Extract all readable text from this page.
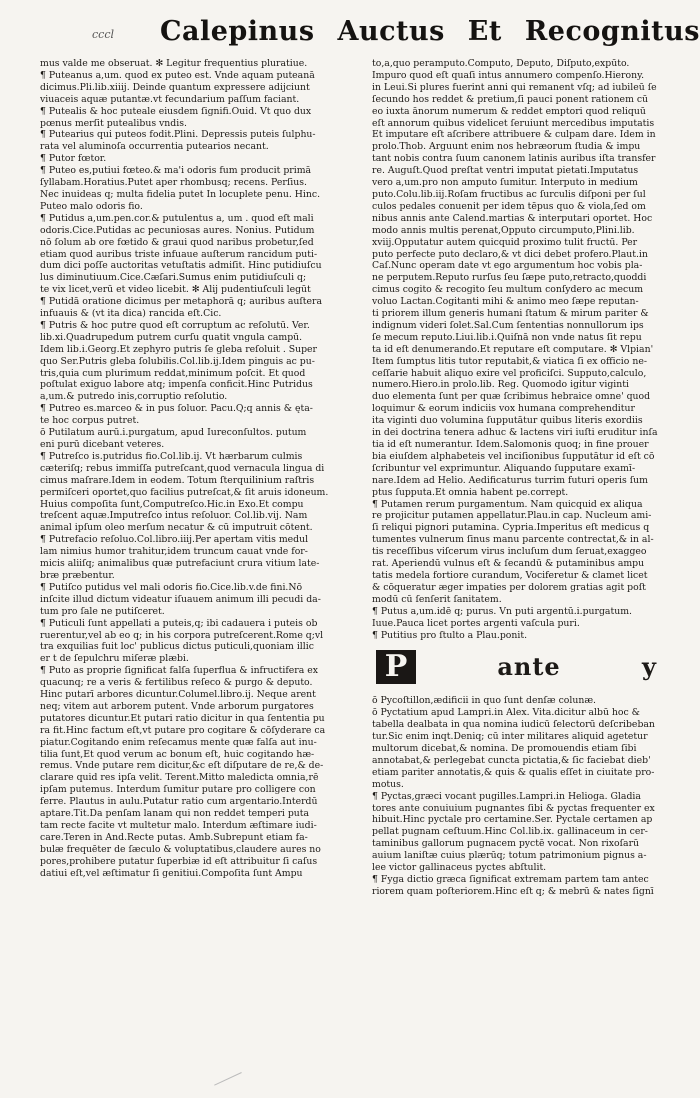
cccl Calepinus Auctus Et Recognitus
mus valde me obseruat. ✻ Legitur frequentius pluratiue.
¶ Puteanus a,um. quod ex puteo est. Vnde aquam puteanā
dicimus.Pli.lib.xiiij. Deinde quantum expressere adijciunt
viuaceis aquæ putantæ.vt fecundarium paſſum faciant.
¶ Putealis & hoc puteale eiusdem ſignifi.Ouid. Vt quo dux
pœnus merſit putealibus vndis.
¶ Putearius qui puteos fodit.Plini. Depressis puteis ſulphu-
rata vel aluminoſa occurrentia putearios necant.
¶ Putor fœtor.
¶ Puteo es,putiui fœteo.& ma'i odoris fum producit primā
ſyllabam.Horatius.Putet aper rhombusq; recens. Perſius.
Nec inuideas q; multa fidelia putet In locuplete penu. Hinc.
Puteo malo odoris fio.
¶ Putidus a,um.pen.cor.& putulentus a, um . quod eſt mali
odoris.Cice.Putidas ac pecuniosas aures. Nonius. Putidum
nō ſolum ab ore fœtido & graui quod naribus probetur,ſed
etiam quod auribus triste infuaue auſterum rancidum puti-
dum dici poſſe auctoritas vetuſtatis admiſit. Hinc putidiuſcu
lus diminutiuum.Cice.Cæſari.Sumus enim putidiuſculi q;
te vix licet,verū et video licebit. ✻ Alij pudentiuſculi legūt
¶ Putidā oratione dicimus per metaphorā q; auribus auſtera
infuauis & (vt ita dica) rancida eſt.Cic.
¶ Putris & hoc putre quod eſt corruptum ac reſolutū. Ver.
lib.xi.Quadrupedum putrem curſu quatit vngula campū.
Idem lib.i.Georg.Et zephyro putris ſe gleba reſoluit . Super
quo Ser.Putris gleba ſolubilis.Col.lib.ij.Idem pinguis ac pu-
tris,quia cum plurimum reddat,minimum poſcit. Et quod
poſtulat exiguo labore atq; impenſa conficit.Hinc Putridus
a,um.& putredo inis,corruptio reſolutio.
¶ Putreo es.marceo & in pus ſoluor. Pacu.Q;q annis & ęta-
te hoc corpus putret.
ō Putilatum aurū.i.purgatum, apud Iureconſultos. putum
eni purū dicebant veteres.
¶ Putreſco is.putridus fio.Col.lib.ij. Vt hærbarum culmis
cæteriſq; rebus immiſſa putreſcant,quod vernacula lingua di
cimus maſrare.Idem in eodem. Totum ſterquilinium raſtris
permiſceri oportet,quo facilius putreſcat,& ſit aruis idoneum.
Huius compoſita ſunt,Computreſco.Hic.in Exo.Et compu
treſcent aquæ.Imputreſco intus reſoluor. Col.lib.vij. Nam
animal ipſum oleo merſum necatur & cū imputruit cōtent.
¶ Putrefacio reſoluo.Col.libro.iiij.Per apertam vitis medul
lam nimius humor trahitur,idem truncum cauat vnde for-
micis aliiſq; animalibus quæ putrefaciunt crura vitium late-
bræ præbentur.
¶ Putiſco putidus vel mali odoris fio.Cice.lib.v.de fini.Nō
inſcite illud dictum videatur iſuauem animum illi pecudi da-
tum pro ſale ne putiſceret.
¶ Puticuli ſunt appellati a puteis,q; ibi cadauera i puteis ob
ruerentur,vel ab eo q; in his corpora putreſcerent.Rome q;vl
tra exquilias fuit loc' publicus dictus puticuli,quoniam illic
er t de ſepulchru miſeræ plæbi.
¶ Puto as proprie ſignificat falſa ſuperflua & infructifera ex
quacunq; re a veris & fertilibus reſeco & purgo & deputo.
Hinc putarī arbores dicuntur.Columel.libro.ij. Neque arent
neq; vitem aut arborem putent. Vnde arborum purgatores
putatores dicuntur.Et putari ratio dicitur in qua ſententia pu
ra fit.Hinc factum eſt,vt putare pro cogitare & cōſyderare ca
piatur.Cogitando enim reſecamus mente quæ falſa aut inu-
tilia ſunt,Et quod verum ac bonum eſt, huic cogitando hæ-
remus. Vnde putare rem dicitur,&c eſt diſputare de re,& de-
clarare quid res ipſa velit. Terent.Mitto maledicta omnia,rē
ipſam putemus. Interdum ſumitur putare pro colligere con
ferre. Plautus in aulu.Putatur ratio cum argentario.Interdū
aptare.Tit.Da penſam lanam qui non reddet temperi puta
tam recte facite vt multetur malo. Interdum æſtimare iudi-
care.Teren in And.Recte putas. Amb.Subrepunt etiam fa-
bulæ frequēter de ſæculo & voluptatibus,claudere aures no
pores,prohibere putatur ſuperbiæ id eſt attribuitur ſi caſus
datiui eſt,vel æſtimatur ſi genitiui.Compoſita ſunt Ampu
to,a,quo peramputo.Computo, Deputo, Diſputo,expūto.
Impuro quod eſt quaſi intus annumero compenſo.Hierony.
in Leui.Si plures fuerint anni qui remanent vſq; ad iubileū ſe
ſecundo hos reddet & pretium,ſi pauci ponent rationem cū
eo iuxta ānorum numerum & reddet emptori quod reliquū
eſt annorum quibus videlicet ſeruiunt mercedibus imputatis
Et imputare eſt aſcribere attribuere & culpam dare. Idem in
prolo.Thob. Arguunt enim nos hebræorum ſtudia & impu
tant nobis contra ſuum canonem latinis auribus iſta transfer
re. Auguſt.Quod preſtat ventri imputat pietati.Imputatus
vero a,um.pro non amputo ſumitur. Interputo in medium
puto.Colu.lib.iij.Roſam fructibus ac ſurculis diſponi per ſul
culos pedales conuenit per idem tēpus quo & viola,ſed om
nibus annis ante Calend.martias & interputari oportet. Hoc
modo annis multis perenat,Opputo circumputo,Plini.lib.
xviij.Opputatur autem quicquid proximo tulit fructū. Per
puto perfecte puto declaro,& vt dici debet profero.Plaut.in
Caſ.Nunc operam date vt ego argumentum hoc vobis pla-
ne perputem.Reputo rurſus ſeu ſæpe puto,retracto,quoddi
cimus cogito & recogito ſeu multum conſydero ac mecum
voluo Lactan.Cogitanti mihi & animo meo ſæpe reputan-
ti priorem illum generis humani ſtatum & mirum pariter &
indignum videri ſolet.Sal.Cum ſententias nonnullorum ips
ſe mecum reputo.Liui.lib.i.Quiſnā non vnde natus ſit repu
ta id eſt denumerando.Et reputare eſt computare. ✻ Vlpian'
Item ſumptus litis tutor reputabit,& viatica ſi ex officio ne-
ceſſarie habuit aliquo exire vel proficiſci. Supputo,calculo,
numero.Hiero.in prolo.lib. Reg. Quomodo igitur viginti
duo elementa ſunt per quæ ſcribimus hebraice omne' quod
loquimur & eorum indiciis vox humana comprehenditur
ita viginti duo volumina ſupputātur quibus literis exordiis
in dei doctrina tenera adhuc & lactens viri iuſti eruditur inſa
tia id eſt numerantur. Idem.Salomonis quoq; in fine prouer
bia eiuſdem alphabeteis vel inciſionibus ſupputātur id eſt cō
ſcribuntur vel exprimuntur. Aliquando ſupputare examī-
nare.Idem ad Helio. Aedificaturus turrim futuri operis ſum
ptus ſupputa.Et omnia habent pe.corrept.
¶ Putamen rerum purgamentum. Nam quicquid ex aliqua
re projicitur putamen appellatur.Plau.in cap. Nucleum ami-
ſi reliqui pignori putamina. Cypria.Imperitus eſt medicus q
tumentes vulnerum ſinus manu parcente contrectat,& in al-
tis receſſibus viſcerum virus incluſum dum ſeruat,exaggeo
rat. Aperiendū vulnus eſt & ſecandū & putaminibus ampu
tatis medela fortiore curandum, Vociferetur & clamet licet
& cōqueratur æger impaties per dolorem gratias agit poſt
modū cū ſenſerit ſanitatem.
¶ Putus a,um.idē q; purus. Vn puti argentū.i.purgatum.
Iuue.Pauca licet portes argenti vaſcula puri.
¶ Putitius pro ſtulto a Plau.ponit.
P	ante	y
ō Pycoſtillon,ædificii in quo ſunt denſæ colunæ.
ō Pyctatium apud Lampri.in Alex. Vita.dicitur albū hoc &
tabella dealbata in qua nomina iudicū ſelectorū deſcribeban
tur.Sic enim inqt.Deniq; cū inter militares aliquid agetetur
multorum dicebat,& nomina. De promouendis etiam ſibi
annotabat,& perlegebat cuncta pictatia,& ſic faciebat dieb'
etiam pariter annotatis,& quis & qualis eſſet in ciuitate pro-
motus.
¶ Pyctas,græci vocant pugilles.Lampri.in Helioga. Gladia
tores ante conuiuium pugnantes ſibi & pyctas frequenter ex
hibuit.Hinc pyctale pro certamine.Ser. Pyctale certamen ap
pellat pugnam ceſtuum.Hinc Col.lib.ix. gallinaceum in cer-
taminibus gallorum pugnacem pyctē vocat. Non rixoſarū
auium laniſtæ cuius plærūq; totum patrimonium pignus a-
lee victor gallinaceus pyctes abſtulit.
¶ Fyga dictio græca ſignificat extremam partem tam antec
riorem quam poſteriorem.Hinc eſt q; & mebrū & nates ſignī
